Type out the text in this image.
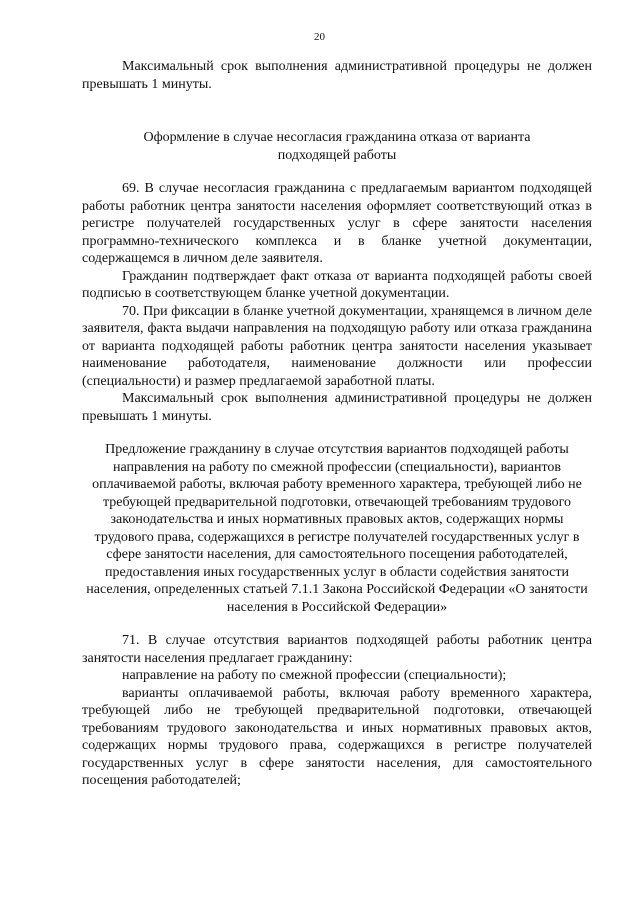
20

Максимальный срок выполнения административной процедуры не должен превышать 1 минуты.

Оформление в случае несогласия гражданина отказа от варианта подходящей работы

69. В случае несогласия гражданина с предлагаемым вариантом подходящей работы работник центра занятости населения оформляет соответствующий отказ в регистре получателей государственных услуг в сфере занятости населения программно-технического комплекса и в бланке учетной документации, содержащемся в личном деле заявителя.

Гражданин подтверждает факт отказа от варианта подходящей работы своей подписью в соответствующем бланке учетной документации.

70. При фиксации в бланке учетной документации, хранящемся в личном деле заявителя, факта выдачи направления на подходящую работу или отказа гражданина от варианта подходящей работы работник центра занятости населения указывает наименование работодателя, наименование должности или профессии (специальности) и размер предлагаемой заработной платы.

Максимальный срок выполнения административной процедуры не должен превышать 1 минуты.

Предложение гражданину в случае отсутствия вариантов подходящей работы направления на работу по смежной профессии (специальности), вариантов оплачиваемой работы, включая работу временного характера, требующей либо не требующей предварительной подготовки, отвечающей требованиям трудового законодательства и иных нормативных правовых актов, содержащих нормы трудового права, содержащихся в регистре получателей государственных услуг в сфере занятости населения, для самостоятельного посещения работодателей, предоставления иных государственных услуг в области содействия занятости населения, определенных статьей 7.1.1 Закона Российской Федерации «О занятости населения в Российской Федерации»

71. В случае отсутствия вариантов подходящей работы работник центра занятости населения предлагает гражданину:

направление на работу по смежной профессии (специальности);

варианты оплачиваемой работы, включая работу временного характера, требующей либо не требующей предварительной подготовки, отвечающей требованиям трудового законодательства и иных нормативных правовых актов, содержащих нормы трудового права, содержащихся в регистре получателей государственных услуг в сфере занятости населения, для самостоятельного посещения работодателей;
